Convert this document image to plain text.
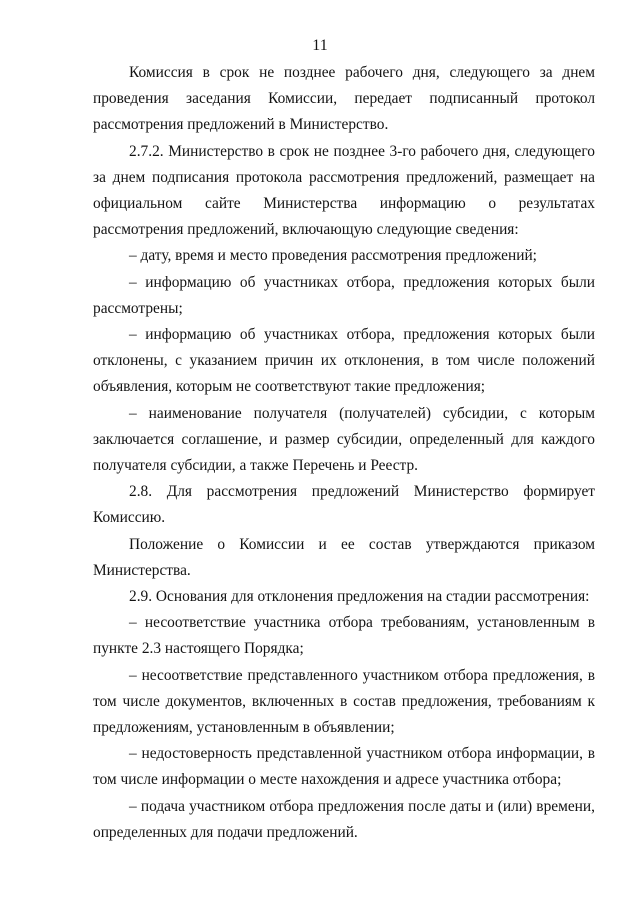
11

Комиссия в срок не позднее рабочего дня, следующего за днем проведения заседания Комиссии, передает подписанный протокол рассмотрения предложений в Министерство.

2.7.2. Министерство в срок не позднее 3-го рабочего дня, следующего за днем подписания протокола рассмотрения предложений, размещает на официальном сайте Министерства информацию о результатах рассмотрения предложений, включающую следующие сведения:

– дату, время и место проведения рассмотрения предложений;

– информацию об участниках отбора, предложения которых были рассмотрены;

– информацию об участниках отбора, предложения которых были отклонены, с указанием причин их отклонения, в том числе положений объявления, которым не соответствуют такие предложения;

– наименование получателя (получателей) субсидии, с которым заключается соглашение, и размер субсидии, определенный для каждого получателя субсидии, а также Перечень и Реестр.

2.8. Для рассмотрения предложений Министерство формирует Комиссию.

Положение о Комиссии и ее состав утверждаются приказом Министерства.

2.9. Основания для отклонения предложения на стадии рассмотрения:

– несоответствие участника отбора требованиям, установленным в пункте 2.3 настоящего Порядка;

– несоответствие представленного участником отбора предложения, в том числе документов, включенных в состав предложения, требованиям к предложениям, установленным в объявлении;

– недостоверность представленной участником отбора информации, в том числе информации о месте нахождения и адресе участника отбора;

– подача участником отбора предложения после даты и (или) времени, определенных для подачи предложений.
